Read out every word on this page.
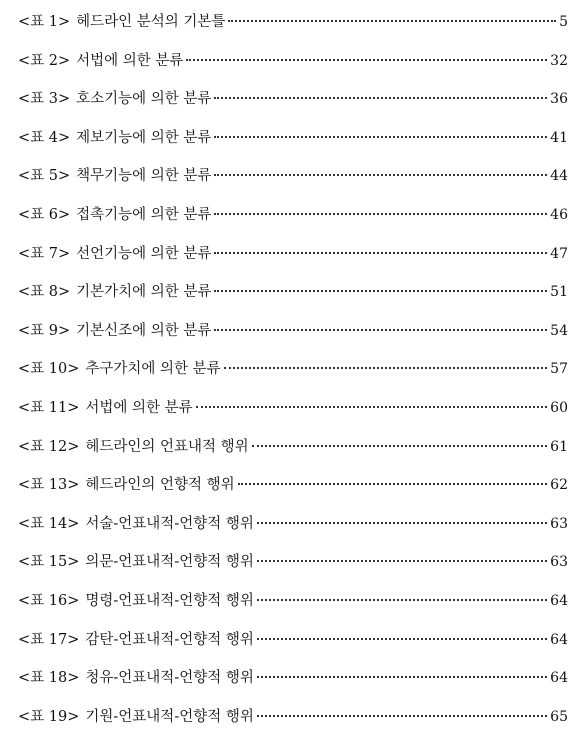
<표 1> 헤드라인 분석의 기본틀	5
<표 2> 서법에 의한 분류	32
<표 3> 호소기능에 의한 분류	36
<표 4> 제보기능에 의한 분류	41
<표 5> 책무기능에 의한 분류	44
<표 6> 접촉기능에 의한 분류	46
<표 7> 선언기능에 의한 분류	47
<표 8> 기본가치에 의한 분류	51
<표 9> 기본신조에 의한 분류	54
<표 10> 추구가치에 의한 분류	57
<표 11> 서법에 의한 분류	60
<표 12> 헤드라인의 언표내적 행위	61
<표 13> 헤드라인의 언향적 행위	62
<표 14> 서술-언표내적-언향적 행위	63
<표 15> 의문-언표내적-언향적 행위	63
<표 16> 명령-언표내적-언향적 행위	64
<표 17> 감탄-언표내적-언향적 행위	64
<표 18> 청유-언표내적-언향적 행위	64
<표 19> 기원-언표내적-언향적 행위	65
